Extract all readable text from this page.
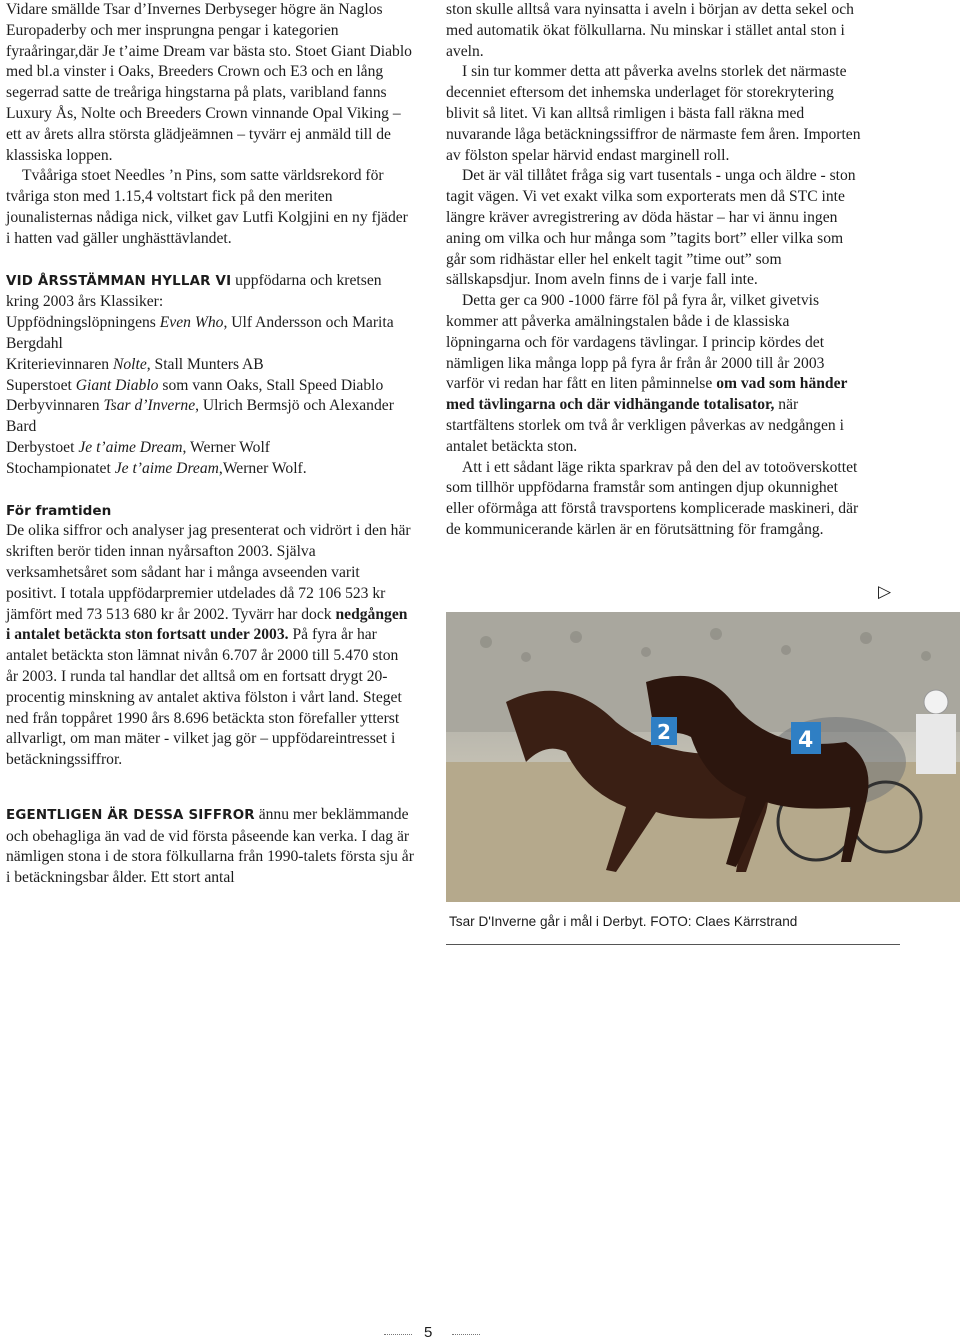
Vidare smällde Tsar d’Invernes Derbyseger högre än Naglos Europaderby och mer insprungna pengar i kategorien fyraåringar,där Je t’aime Dream var bästa sto. Stoet Giant Diablo med bl.a vinster i Oaks, Breeders Crown och E3 och en lång segerrad satte de treåriga hingstarna på plats, varibland fanns Luxury Ås, Nolte och Breeders Crown vinnande Opal Viking – ett av årets allra största glädjeämnen – tyvärr ej anmäld till de klassiska loppen.

Tvååriga stoet Needles ’n Pins, som satte världsrekord för tvåriga ston med 1.15,4 voltstart fick på den meriten jounalisternas nådiga nick, vilket gav Lutfi Kolgjini en ny fjäder i hatten vad gäller unghästtävlandet.

VID ÅRSSTÄMMAN HYLLAR VI uppfödarna och kretsen kring 2003 års Klassiker:

Uppfödningslöpningens Even Who, Ulf Andersson och Marita Bergdahl

Kriterievinnaren Nolte, Stall Munters AB

Superstoet Giant Diablo som vann Oaks, Stall Speed Diablo

Derbyvinnaren Tsar d’Inverne, Ulrich Bermsjö och Alexander Bard

Derbystoet Je t’aime Dream, Werner Wolf

Stochampionatet Je t’aime Dream,Werner Wolf.

För framtiden

De olika siffror och analyser jag presenterat och vidrört i den här skriften berör tiden innan nyårsafton 2003. Själva verksamhetsåret som sådant har i många avseenden varit positivt. I totala uppfödarpremier utdelades då 72 106 523 kr jämfört med 73 513 680 kr år 2002. Tyvärr har dock nedgången i antalet betäckta ston fortsatt under 2003. På fyra år har antalet betäckta ston lämnat nivån 6.707 år 2000 till 5.470 ston år 2003. I runda tal handlar det alltså om en fortsatt drygt 20-procentig minskning av antalet aktiva fölston i vårt land. Steget ned från toppåret 1990 års 8.696 betäckta ston förefaller ytterst allvarligt, om man mäter - vilket jag gör – uppfödareintresset i betäckningssiffror.

EGENTLIGEN ÄR DESSA SIFFROR ännu mer beklämmande och obehagliga än vad de vid första påseende kan verka. I dag är nämligen stona i de stora fölkullarna från 1990-talets första sju år i betäckningsbar ålder. Ett stort antal

ston skulle alltså vara nyinsatta i aveln i början av detta sekel och med automatik ökat fölkullarna. Nu minskar i stället antal ston i aveln.

I sin tur kommer detta att påverka avelns storlek det närmaste decenniet eftersom det inhemska underlaget för storekrytering blivit så litet. Vi kan alltså rimligen i bästa fall räkna med nuvarande låga betäckningssiffror de närmaste fem åren. Importen av fölston spelar härvid endast marginell roll.

Det är väl tillåtet fråga sig vart tusentals - unga och äldre - ston tagit vägen. Vi vet exakt vilka som exporterats men då STC inte längre kräver avregistrering av döda hästar – har vi ännu ingen aning om vilka och hur många som ”tagits bort” eller vilka som går som ridhästar eller hel enkelt tagit ”time out” som sällskapsdjur. Inom aveln finns de i varje fall inte.

Detta ger ca 900 -1000 färre föl på fyra år, vilket givetvis kommer att påverka amälningstalen både i de klassiska löpningarna och för vardagens tävlingar. I princip kördes det nämligen lika många lopp på fyra år från år 2000 till år 2003 varför vi redan har fått en liten påminnelse om vad som händer med tävlingarna och där vidhängande totalisator, när startfältens storlek om två år verkligen påverkas av nedgången i antalet betäckta ston.

Att i ett sådant läge rikta sparkrav på den del av totoöverskottet som tillhör uppfödarna framstår som antingen djup okunnighet eller oförmåga att förstå travsportens komplicerade maskineri, där de kommunicerande kärlen är en förutsättning för framgång.

▷
2	4
Tsar D'Inverne går i mål i Derbyt. FOTO: Claes Kärrstrand
5
